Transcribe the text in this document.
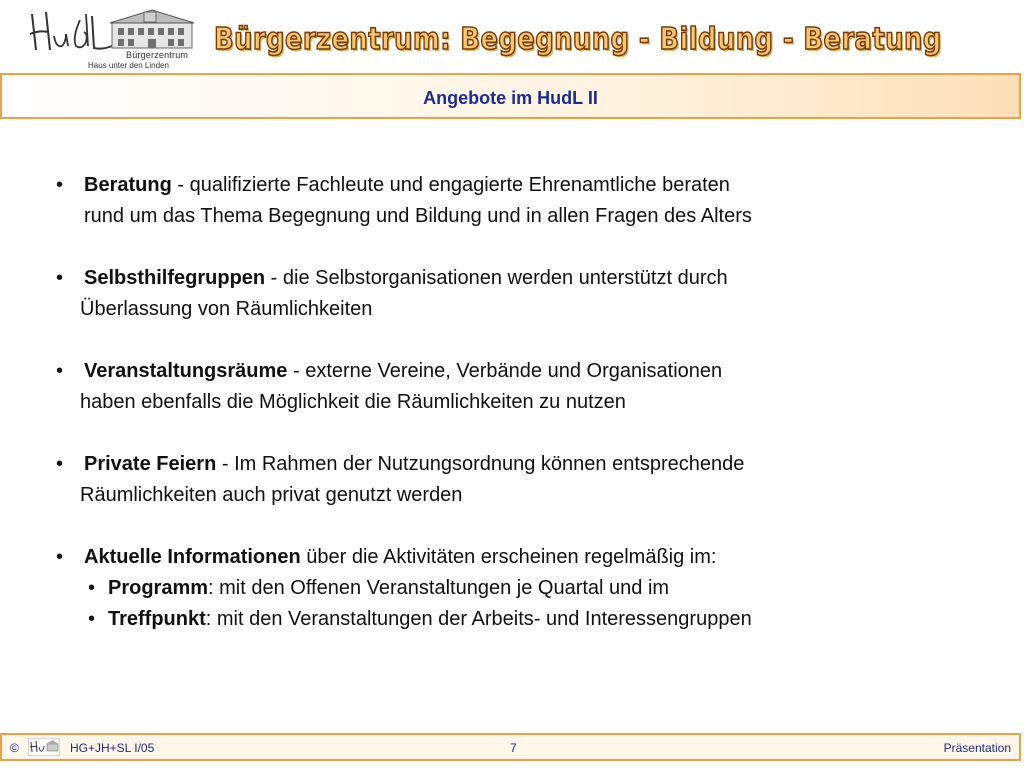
Bürgerzentrum
Haus unter den Linden
Bürgerzentrum: Begegnung - Bildung - Beratung
Angebote im HudL II
• Beratung - qualifizierte Fachleute und engagierte Ehrenamtliche beraten
rund um das Thema Begegnung und Bildung und in allen Fragen des Alters
• Selbsthilfegruppen - die Selbstorganisationen werden unterstützt durch
Überlassung von Räumlichkeiten
• Veranstaltungsräume - externe Vereine, Verbände und Organisationen
haben ebenfalls die Möglichkeit die Räumlichkeiten zu nutzen
• Private Feiern - Im Rahmen der Nutzungsordnung können entsprechende
Räumlichkeiten auch privat genutzt werden
• Aktuelle Informationen über die Aktivitäten erscheinen regelmäßig im:
• Programm: mit den Offenen Veranstaltungen je Quartal und im
• Treffpunkt: mit den Veranstaltungen der Arbeits- und Interessengruppen
©	HG+JH+SL I/05	7	Präsentation
